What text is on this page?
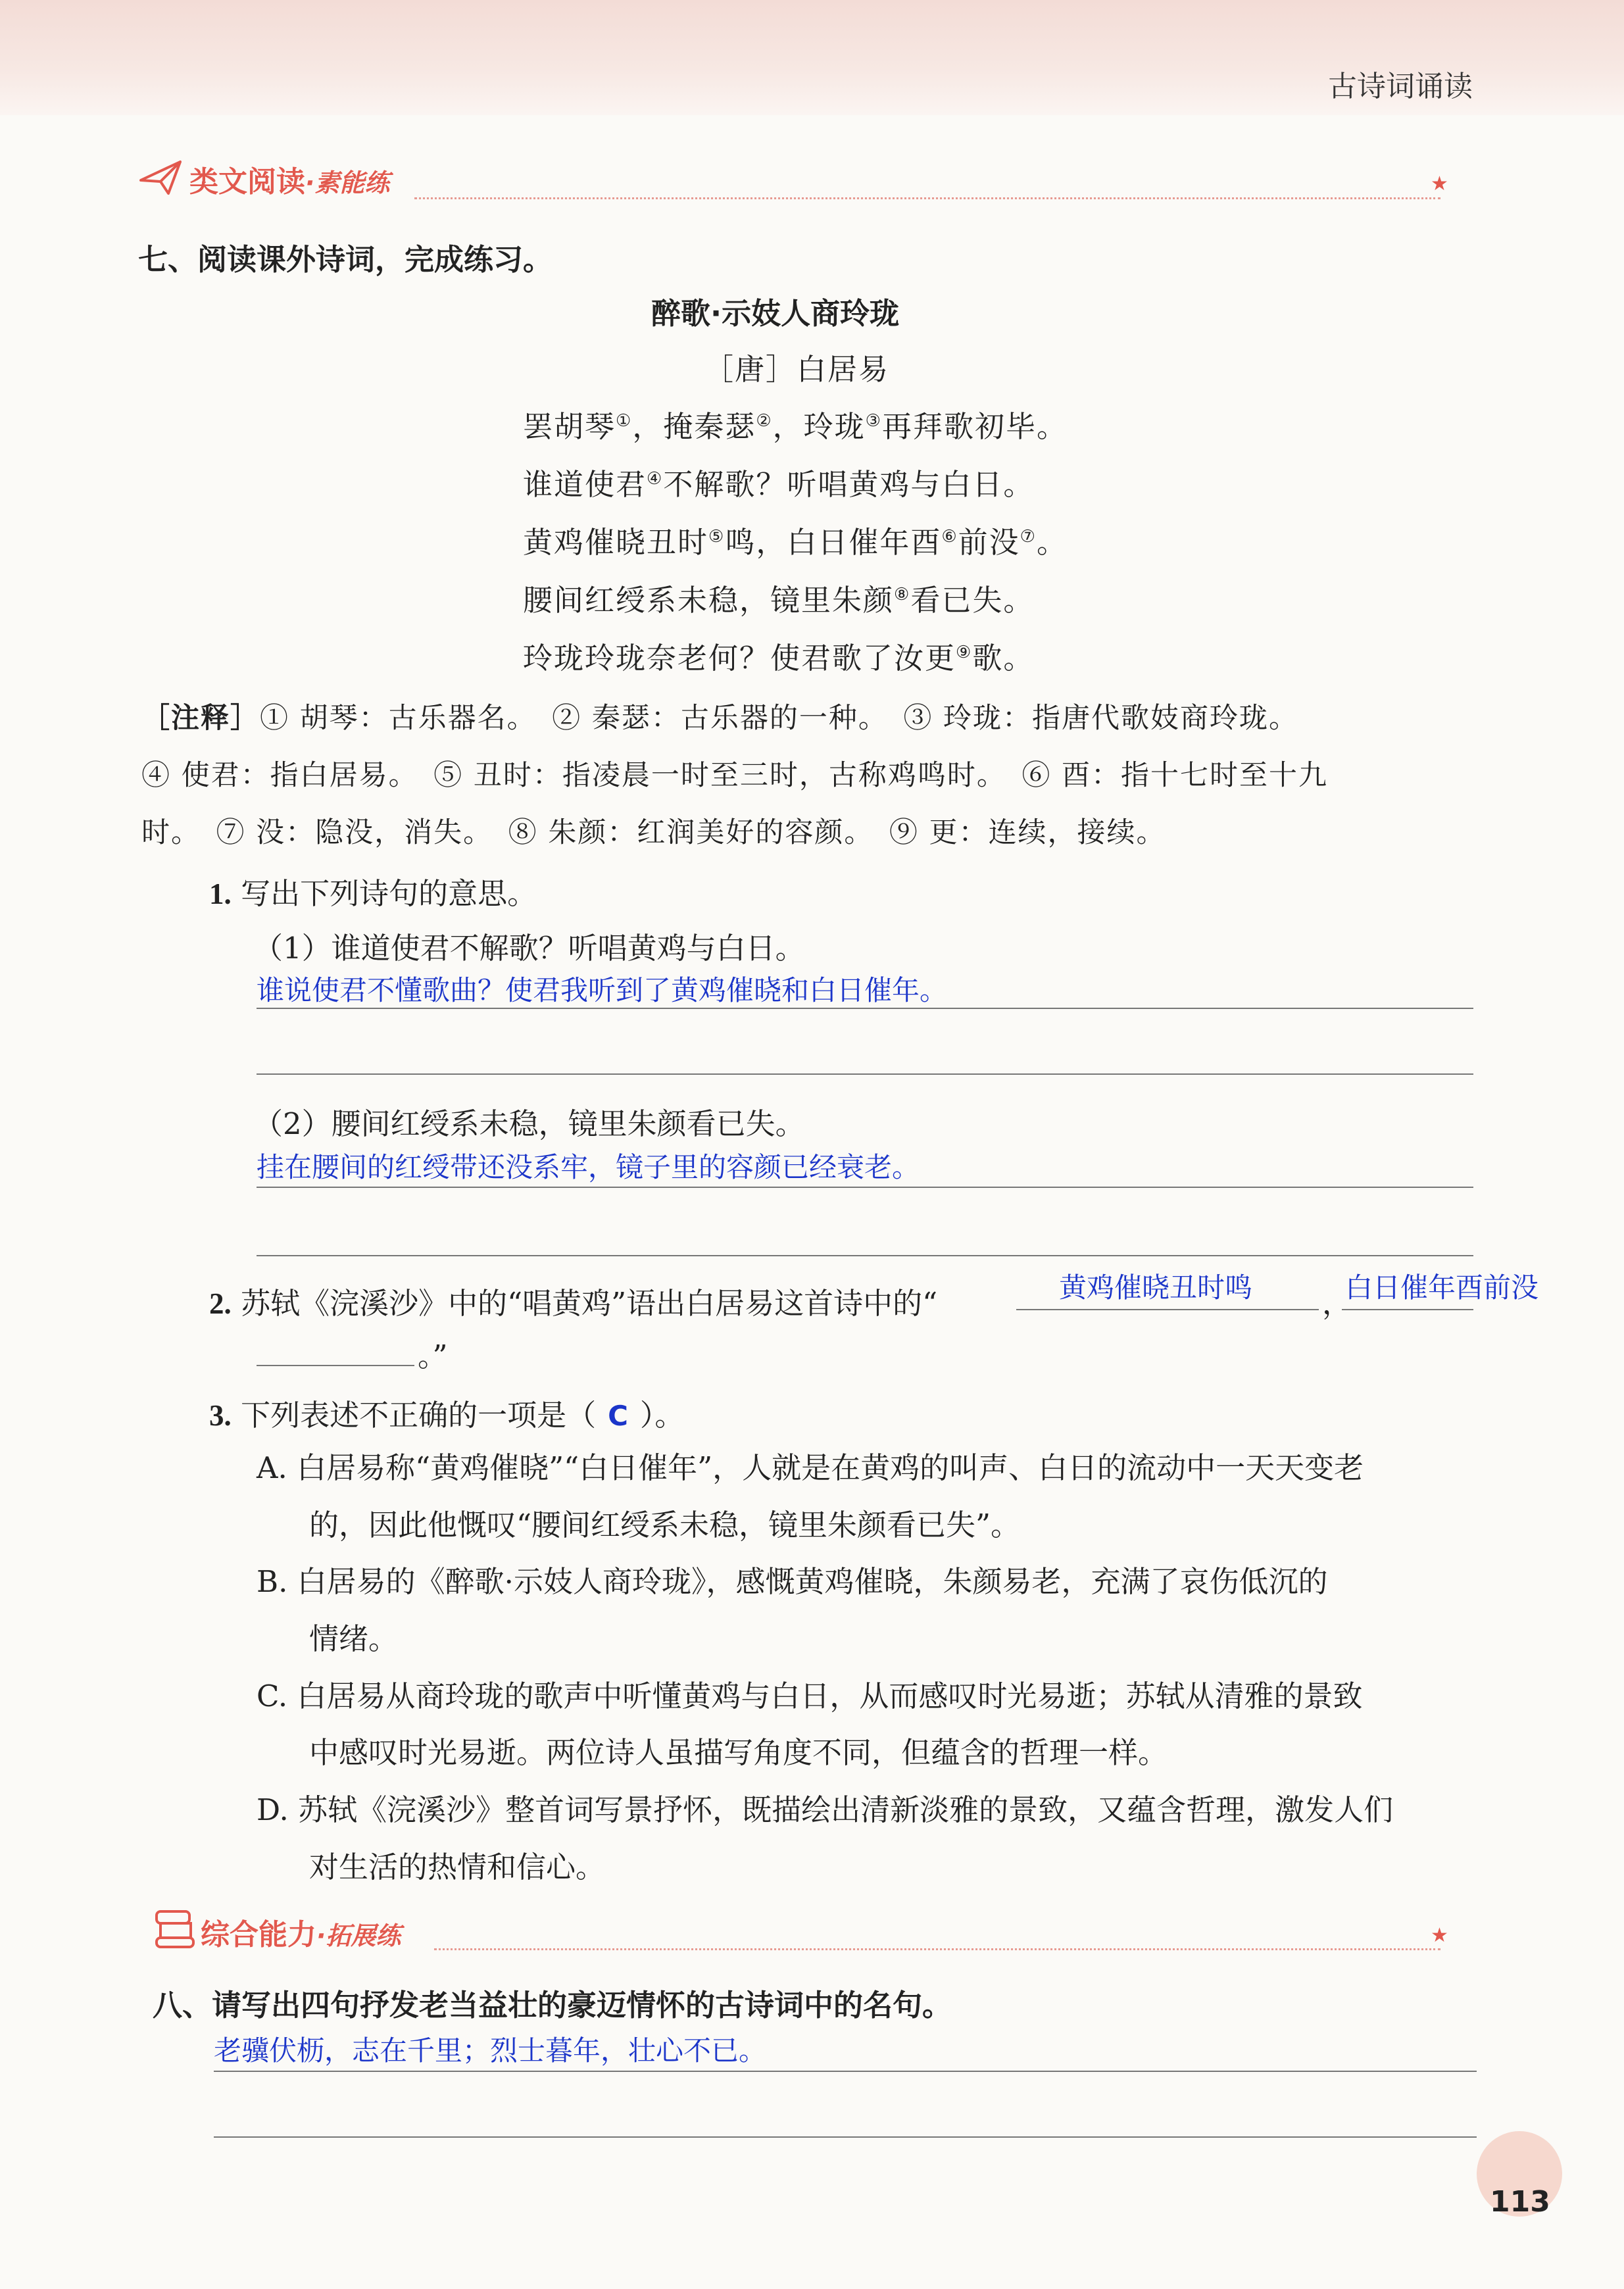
古诗词诵读
类文阅读·素能练	★
七、阅读课外诗词，完成练习。
醉歌·示妓人商玲珑
［唐］白居易
罢胡琴①，掩秦瑟②，玲珑③再拜歌初毕。
谁道使君④不解歌？听唱黄鸡与白日。
黄鸡催晓丑时⑤鸣，白日催年酉⑥前没⑦。
腰间红绶系未稳，镜里朱颜⑧看已失。
玲珑玲珑奈老何？使君歌了汝更⑨歌。
［注释］① 胡琴：古乐器名。　② 秦瑟：古乐器的一种。　③ 玲珑：指唐代歌妓商玲珑。
④ 使君：指白居易。　⑤ 丑时：指凌晨一时至三时，古称鸡鸣时。　⑥ 酉：指十七时至十九
时。　⑦ 没：隐没，消失。　⑧ 朱颜：红润美好的容颜。　⑨ 更：连续，接续。
1. 写出下列诗句的意思。
（1）谁道使君不解歌？听唱黄鸡与白日。
谁说使君不懂歌曲？使君我听到了黄鸡催晓和白日催年。
（2）腰间红绶系未稳，镜里朱颜看已失。
挂在腰间的红绶带还没系牢，镜子里的容颜已经衰老。
2. 苏轼《浣溪沙》中的“唱黄鸡”语出白居易这首诗中的“	黄鸡催晓丑时鸣 ，
白日催年酉前没
。”
3. 下列表述不正确的一项是（ C ）。
A. 白居易称“黄鸡催晓”“白日催年”，人就是在黄鸡的叫声、白日的流动中一天天变老
的，因此他慨叹“腰间红绶系未稳，镜里朱颜看已失”。
B. 白居易的《醉歌·示妓人商玲珑》，感慨黄鸡催晓，朱颜易老，充满了哀伤低沉的
情绪。
C. 白居易从商玲珑的歌声中听懂黄鸡与白日，从而感叹时光易逝；苏轼从清雅的景致
中感叹时光易逝。两位诗人虽描写角度不同，但蕴含的哲理一样。
D. 苏轼《浣溪沙》整首词写景抒怀，既描绘出清新淡雅的景致，又蕴含哲理，激发人们
对生活的热情和信心。
综合能力·拓展练	★
八、请写出四句抒发老当益壮的豪迈情怀的古诗词中的名句。
老骥伏枥，志在千里；烈士暮年，壮心不已。
113
